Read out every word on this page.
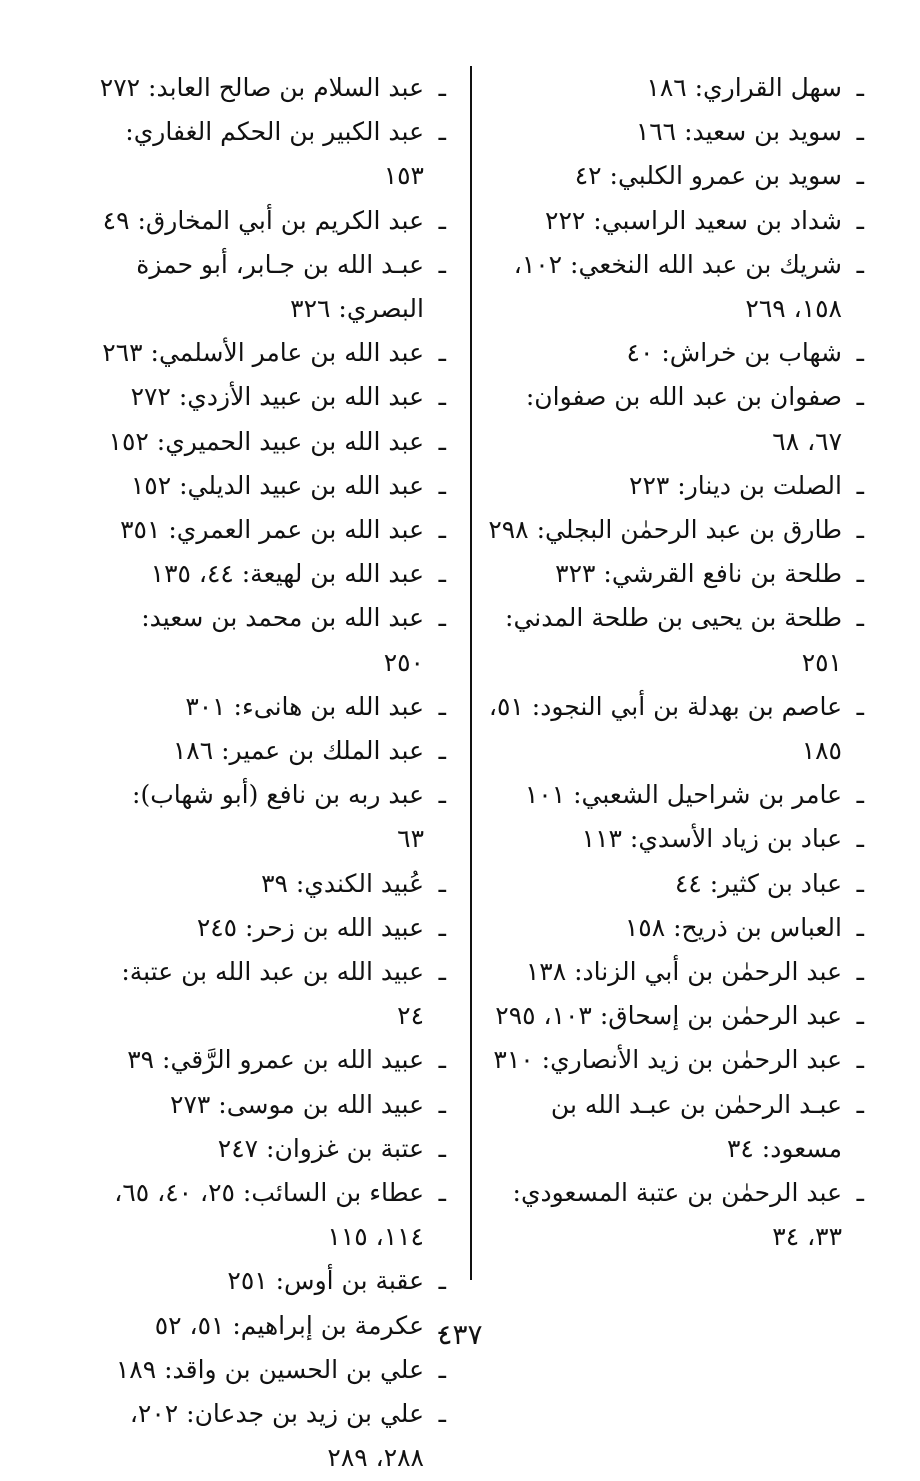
ـ سهل القراري: ١٨٦
ـ سويد بن سعيد: ١٦٦
ـ سويد بن عمرو الكلبي: ٤٢
ـ شداد بن سعيد الراسبي: ٢٢٢
ـ شريك بن عبد الله النخعي: ١٠٢، ١٥٨، ٢٦٩
ـ شهاب بن خراش: ٤٠
ـ صفوان بن عبد الله بن صفوان: ٦٧، ٦٨
ـ الصلت بن دينار: ٢٢٣
ـ طارق بن عبد الرحمٰن البجلي: ٢٩٨
ـ طلحة بن نافع القرشي: ٣٢٣
ـ طلحة بن يحيى بن طلحة المدني: ٢٥١
ـ عاصم بن بهدلة بن أبي النجود: ٥١، ١٨٥
ـ عامر بن شراحيل الشعبي: ١٠١
ـ عباد بن زياد الأسدي: ١١٣
ـ عباد بن كثير: ٤٤
ـ العباس بن ذريح: ١٥٨
ـ عبد الرحمٰن بن أبي الزناد: ١٣٨
ـ عبد الرحمٰن بن إسحاق: ١٠٣، ٢٩٥
ـ عبد الرحمٰن بن زيد الأنصاري: ٣١٠
ـ عبـد الرحمٰن بن عبـد الله بن مسعود: ٣٤
ـ عبد الرحمٰن بن عتبة المسعودي: ٣٣، ٣٤
ـ عبد السلام بن صالح العابد: ٢٧٢
ـ عبد الكبير بن الحكم الغفاري: ١٥٣
ـ عبد الكريم بن أبي المخارق: ٤٩
ـ عبـد الله بن جـابر، أبو حمزة البصري: ٣٢٦
ـ عبد الله بن عامر الأسلمي: ٢٦٣
ـ عبد الله بن عبيد الأزدي: ٢٧٢
ـ عبد الله بن عبيد الحميري: ١٥٢
ـ عبد الله بن عبيد الديلي: ١٥٢
ـ عبد الله بن عمر العمري: ٣٥١
ـ عبد الله بن لهيعة: ٤٤، ١٣٥
ـ عبد الله بن محمد بن سعيد: ٢٥٠
ـ عبد الله بن هانىء: ٣٠١
ـ عبد الملك بن عمير: ١٨٦
ـ عبد ربه بن نافع (أبو شهاب): ٦٣
ـ عُبيد الكندي: ٣٩
ـ عبيد الله بن زحر: ٢٤٥
ـ عبيد الله بن عبد الله بن عتبة: ٢٤
ـ عبيد الله بن عمرو الرَّقي: ٣٩
ـ عبيد الله بن موسى: ٢٧٣
ـ عتبة بن غزوان: ٢٤٧
ـ عطاء بن السائب: ٢٥، ٤٠، ٦٥، ١١٤، ١١٥
ـ عقبة بن أوس: ٢٥١
ـ عكرمة بن إبراهيم: ٥١، ٥٢
ـ علي بن الحسين بن واقد: ١٨٩
ـ علي بن زيد بن جدعان: ٢٠٢، ٢٨٨، ٢٨٩
٤٣٧
